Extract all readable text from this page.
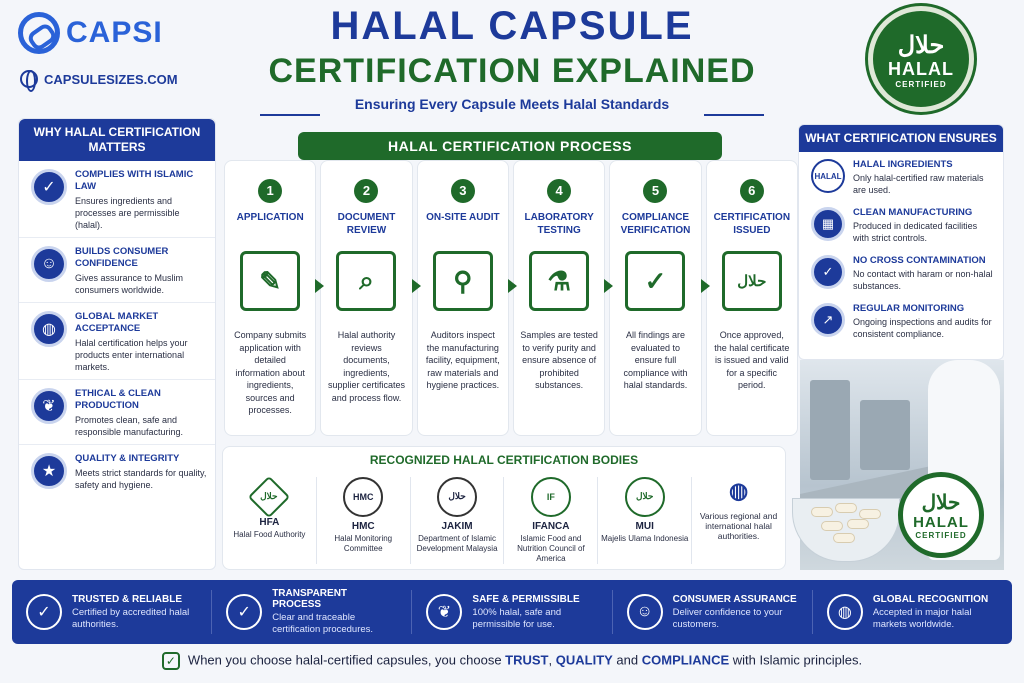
CAPSI
CAPSULESIZES.COM
HALAL CAPSULE
CERTIFICATION EXPLAINED
Ensuring Every Capsule Meets Halal Standards
حلال
HALAL
CERTIFIED
WHY HALAL CERTIFICATION MATTERS
✓
COMPLIES WITH ISLAMIC LAW
Ensures ingredients and processes are permissible (halal).
☺
BUILDS CONSUMER CONFIDENCE
Gives assurance to Muslim consumers worldwide.
◍
GLOBAL MARKET ACCEPTANCE
Halal certification helps your products enter international markets.
❦
ETHICAL & CLEAN PRODUCTION
Promotes clean, safe and responsible manufacturing.
★
QUALITY & INTEGRITY
Meets strict standards for quality, safety and hygiene.
HALAL CERTIFICATION PROCESS
1
APPLICATION
✎
Company submits application with detailed information about ingredients, sources and processes.
2
DOCUMENT REVIEW
⌕
Halal authority reviews documents, ingredients, supplier certificates and process flow.
3
ON-SITE AUDIT
⚲
Auditors inspect the manufacturing facility, equipment, raw materials and hygiene practices.
4
LABORATORY TESTING
⚗
Samples are tested to verify purity and ensure absence of prohibited substances.
5
COMPLIANCE VERIFICATION
✓
All findings are evaluated to ensure full compliance with halal standards.
6
CERTIFICATION ISSUED
حلال
Once approved, the halal certificate is issued and valid for a specific period.
RECOGNIZED HALAL CERTIFICATION BODIES
حلال
HFA
Halal Food Authority
HMC
HMC
Halal Monitoring Committee
حلال
JAKIM
Department of Islamic Development Malaysia
IF
IFANCA
Islamic Food and Nutrition Council of America
حلال
MUI
Majelis Ulama Indonesia
◍
Various regional and international halal authorities.
WHAT CERTIFICATION ENSURES
HALAL
HALAL INGREDIENTS
Only halal-certified raw materials are used.
▦
CLEAN MANUFACTURING
Produced in dedicated facilities with strict controls.
✓
NO CROSS CONTAMINATION
No contact with haram or non-halal substances.
↗
REGULAR MONITORING
Ongoing inspections and audits for consistent compliance.
حلال
HALAL
CERTIFIED
✓
TRUSTED & RELIABLE
Certified by accredited halal authorities.
✓
TRANSPARENT PROCESS
Clear and traceable certification procedures.
❦
SAFE & PERMISSIBLE
100% halal, safe and permissible for use.
☺
CONSUMER ASSURANCE
Deliver confidence to your customers.
◍
GLOBAL RECOGNITION
Accepted in major halal markets worldwide.
✓ When you choose halal-certified capsules, you choose TRUST, QUALITY and COMPLIANCE with Islamic principles.
